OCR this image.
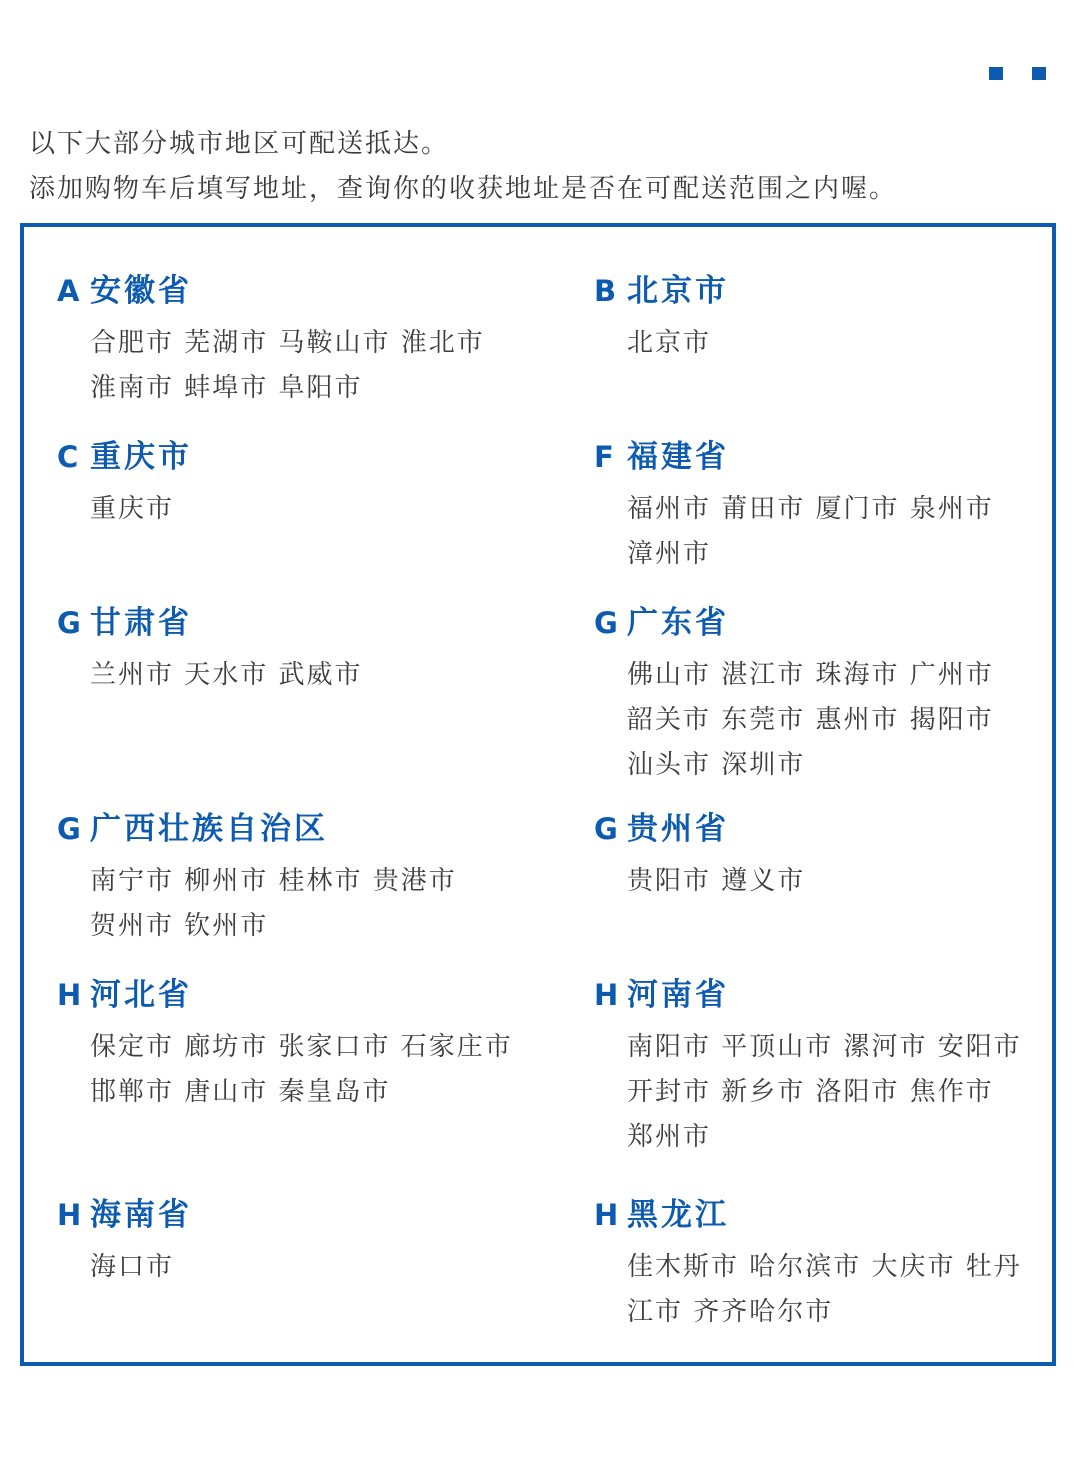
以下大部分城市地区可配送抵达。

添加购物车后填写地址，查询你的收获地址是否在可配送范围之内喔。

A 安徽省
合肥市 芜湖市 马鞍山市 淮北市
淮南市 蚌埠市 阜阳市
B 北京市
北京市
C 重庆市
重庆市
F 福建省
福州市 莆田市 厦门市 泉州市
漳州市
G 甘肃省
兰州市 天水市 武威市
G 广东省
佛山市 湛江市 珠海市 广州市
韶关市 东莞市 惠州市 揭阳市
汕头市 深圳市
G 广西壮族自治区
南宁市 柳州市 桂林市 贵港市
贺州市 钦州市
G 贵州省
贵阳市 遵义市
H 河北省
保定市 廊坊市 张家口市 石家庄市
邯郸市 唐山市 秦皇岛市
H 河南省
南阳市 平顶山市 漯河市 安阳市
开封市 新乡市 洛阳市 焦作市
郑州市
H 海南省
海口市
H 黑龙江
佳木斯市 哈尔滨市 大庆市 牡丹
江市 齐齐哈尔市
